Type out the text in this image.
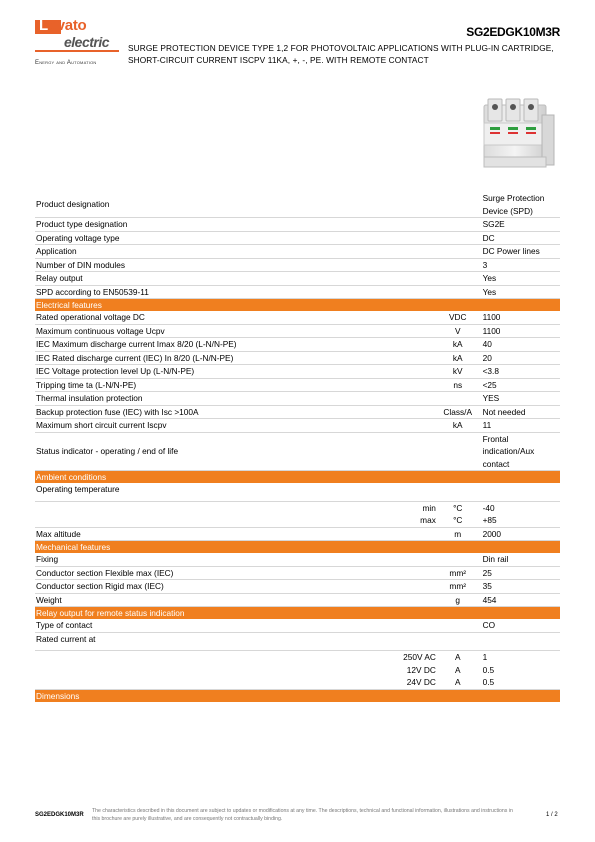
Lovato
electric
Energy and Automation
SG2EDGK10M3R
SURGE PROTECTION DEVICE TYPE 1,2 FOR PHOTOVOLTAIC APPLICATIONS WITH PLUG-IN CARTRIDGE, SHORT-CIRCUIT CURRENT ISCPV 11KA, +, -, PE. WITH REMOTE CONTACT
Product designation			Surge Protection Device (SPD)
Product type designation			SG2E
Operating voltage type			DC
Application			DC Power lines
Number of DIN modules			3
Relay output			Yes
SPD according to EN50539-11			Yes
Electrical features			
Rated operational voltage DC		VDC	1100
Maximum continuous voltage Ucpv		V	1100
IEC Maximum discharge current Imax 8/20 (L-N/N-PE)		kA	40
IEC Rated discharge current (IEC) In 8/20 (L-N/N-PE)		kA	20
IEC Voltage protection level Up (L-N/N-PE)		kV	<3.8
Tripping time ta (L-N/N-PE)		ns	<25
Thermal insulation protection			YES
Backup protection fuse (IEC) with Isc >100A		Class/A	Not needed
Maximum short circuit current Iscpv		kA	11
Status indicator - operating / end of life			Frontal indication/Aux contact
Ambient conditions			
Operating temperature			
	min	°C	-40
	max	°C	+85
Max altitude		m	2000
Mechanical features			
Fixing			Din rail
Conductor section Flexible max (IEC)		mm²	25
Conductor section Rigid max (IEC)		mm²	35
Weight		g	454
Relay output for remote status indication			
Type of contact			CO
Rated current at			
	250V AC	A	1
	12V DC	A	0.5
	24V DC	A	0.5
Dimensions			
SG2EDGK10M3R
The characteristics described in this document are subject to updates or modifications at any time. The descriptions, technical and functional information, illustrations and instructions in this brochure are purely illustrative, and are consequently not contractually binding.
1 / 2
